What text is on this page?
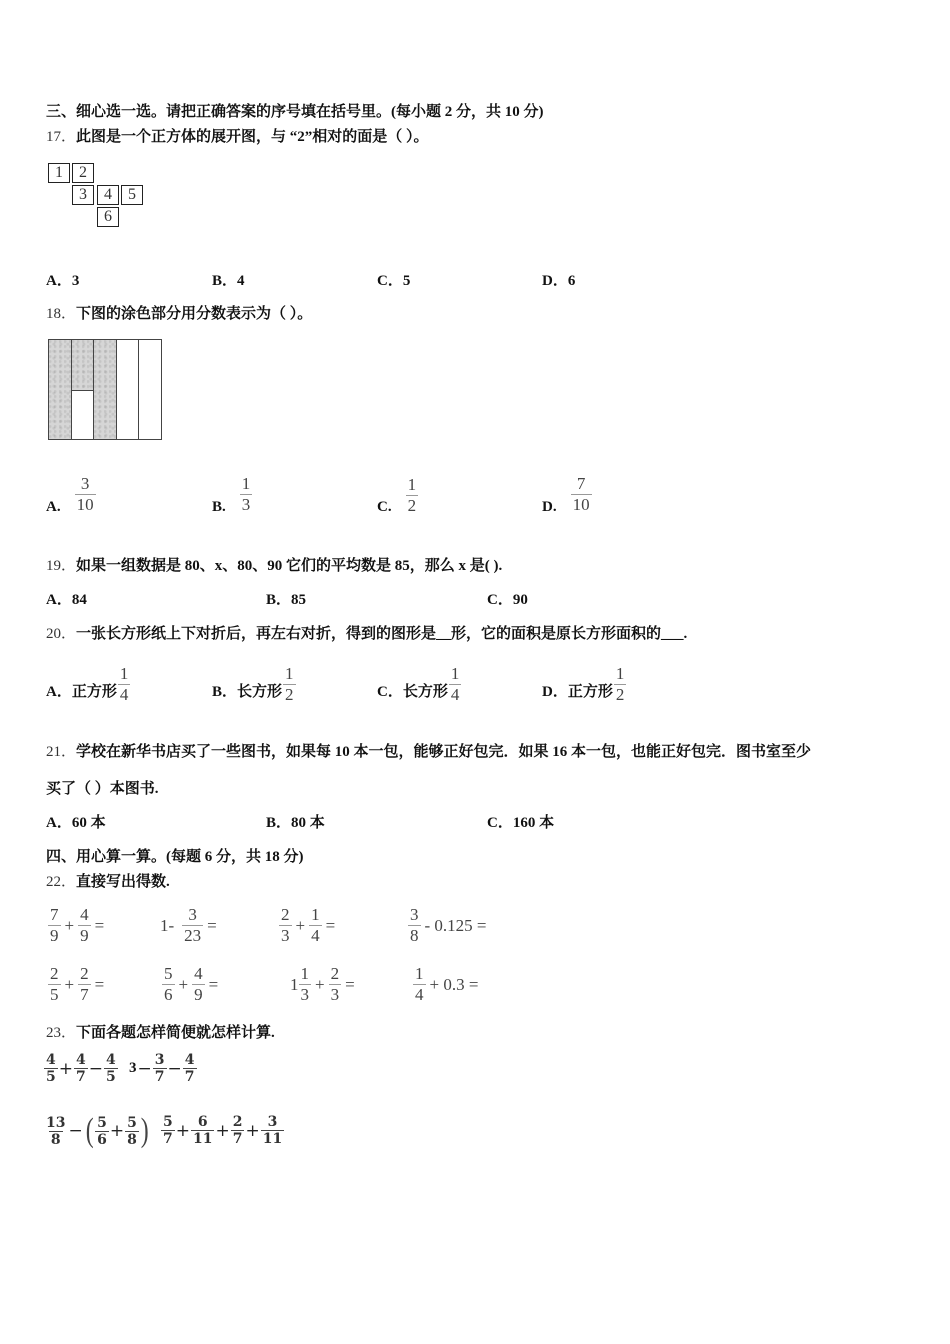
三、细心选一选。请把正确答案的序号填在括号里。(每小题 2 分，共 10 分)
17．此图是一个正方体的展开图，与 “2”相对的面是（ ）。
1	2
3	4	5
6
A．3	B．4	C．5	D．6
18．下图的涂色部分用分数表示为（ ）。
A. $\frac{3}{10}$	B. $\frac{1}{3}$	C. $\frac{1}{2}$	D. $\frac{7}{10}$
19．如果一组数据是 80、x、80、90 它们的平均数是 85，那么 x 是( ).
A．84	B．85	C．90
20．一张长方形纸上下对折后，再左右对折，得到的图形是__形，它的面积是原长方形面积的___.
A． 正方形 $\frac{1}{4}$	B． 长方形 $\frac{1}{2}$	C． 长方形 $\frac{1}{4}$	D． 正方形 $\frac{1}{2}$
21．学校在新华书店买了一些图书，如果每 10 本一包，能够正好包完．如果 16 本一包，也能正好包完．图书室至少
买了（ ）本图书.
A．60 本	B．80 本	C．160 本
四、用心算一算。(每题 6 分，共 18 分)
22．直接写出得数.
$\frac{7}{9} + \frac{4}{9}$ =	$1- \frac{3}{23}$ =	$\frac{2}{3} + \frac{1}{4}$ =	$\frac{3}{8} - 0.125$ =
$\frac{2}{5} + \frac{2}{7}$ =	$\frac{5}{6} + \frac{4}{9}$ =	$1 \frac{1}{3} + \frac{2}{3}$ =	$\frac{1}{4} + 0.3$ =
23．下面各题怎样简便就怎样计算.
$\frac{4}{5} + \frac{4}{7} - \frac{4}{5} 3 - \frac{3}{7} - \frac{4}{7}$
$\frac{13}{8}$ − ( $\frac{5}{6} + \frac{5}{8}$ ) $\frac{5}{7} + \frac{6}{11} + \frac{2}{7} + \frac{3}{11}$
